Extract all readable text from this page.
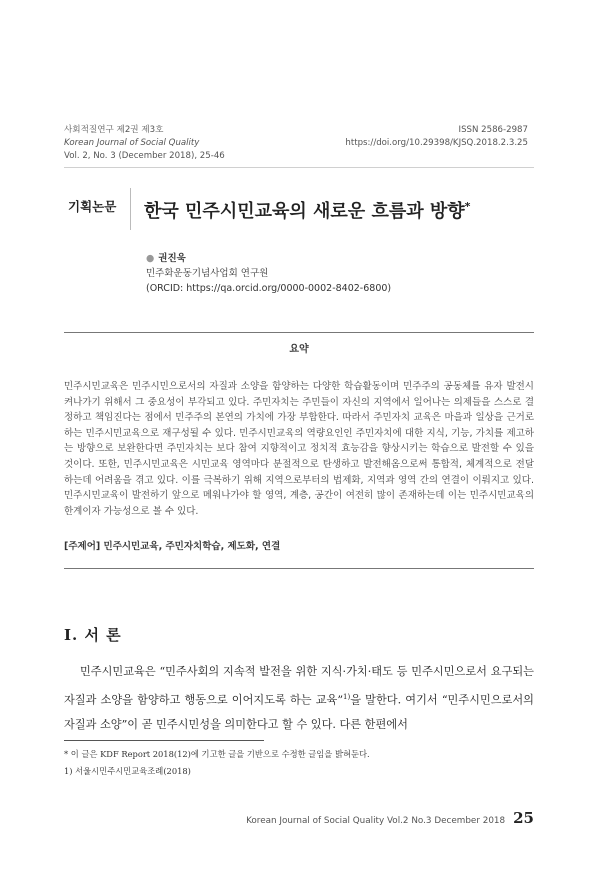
사회적질연구 제2권 제3호
Korean Journal of Social Quality
Vol. 2, No. 3 (December 2018), 25-46
ISSN 2586-2987
https://doi.org/10.29398/KJSQ.2018.2.3.25
기획논문 한국 민주시민교육의 새로운 흐름과 방향*
● 권진욱
민주화운동기념사업회 연구원
(ORCID: https://qa.orcid.org/0000-0002-8402-6800)
요약
민주시민교육은 민주시민으로서의 자질과 소양을 함양하는 다양한 학습활동이며 민주주의 공동체를 유자 발전시켜나가기 위해서 그 중요성이 부각되고 있다. 주민자치는 주민들이 자신의 지역에서 일어나는 의제들을 스스로 결정하고 책임진다는 점에서 민주주의 본연의 가치에 가장 부합한다. 따라서 주민자치 교육은 마을과 일상을 근거로 하는 민주시민교육으로 재구성될 수 있다. 민주시민교육의 역량요인인 주민자치에 대한 지식, 기능, 가치를 제고하는 방향으로 보완한다면 주민자치는 보다 참여 지향적이고 정치적 효능감을 향상시키는 학습으로 발전할 수 있을 것이다. 또한, 민주시민교육은 시민교육 영역마다 분절적으로 탄생하고 발전해옴으로써 통합적, 체계적으로 전달하는데 어려움을 겪고 있다. 이를 극복하기 위해 지역으로부터의 법제화, 지역과 영역 간의 연결이 이뤄지고 있다. 민주시민교육이 발전하기 앞으로 메워나가야 할 영역, 계층, 공간이 여전히 많이 존재하는데 이는 민주시민교육의 한계이자 가능성으로 볼 수 있다.
[주제어] 민주시민교육, 주민자치학습, 제도화, 연결
Ⅰ. 서 론
민주시민교육은 “민주사회의 지속적 발전을 위한 지식·가치·태도 등 민주시민으로서 요구되는 자질과 소양을 함양하고 행동으로 이어지도록 하는 교육”$^{1)}$을 말한다. 여기서 “민주시민으로서의 자질과 소양”이 곧 민주시민성을 의미한다고 할 수 있다. 다른 한편에서
* 이 글은 KDF Report 2018(12)에 기고한 글을 기반으로 수정한 글임을 밝혀둔다.
1) 서울시민주시민교육조례(2018)
Korean Journal of Social Quality Vol.2 No.3 December 2018 25
